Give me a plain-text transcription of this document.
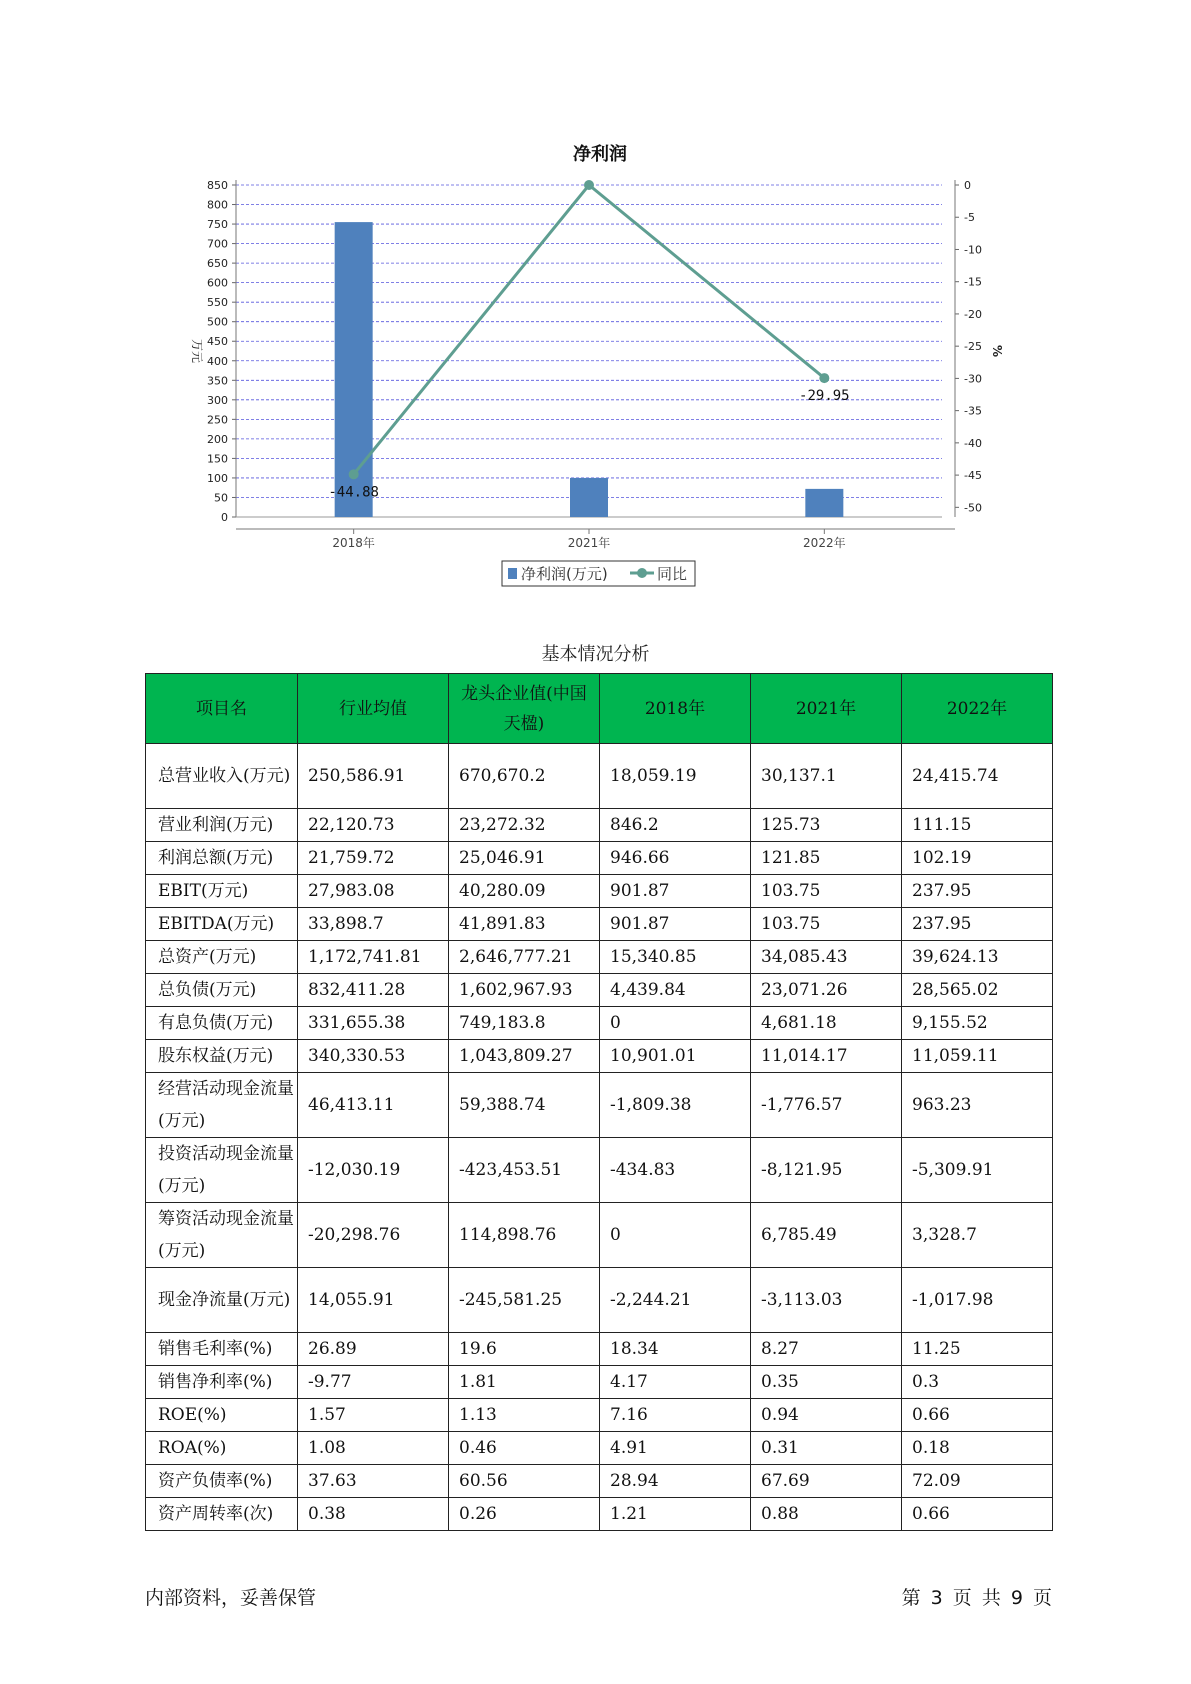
净利润
0
50
100
150
200
250
300
350
400
450
500
550
600
650
700
750
800
850	0
-5
-10
-15
-20
-25
-30
-35
-40
-45
-50
万元	%
2018年	2021年	2022年
-44.88
-29.95
净利润(万元)	同比
基本情况分析
项目名	行业均值	龙头企业值(中国天楹)	2018年	2021年	2022年
总营业收入(万元)	250,586.91	670,670.2	18,059.19	30,137.1	24,415.74
营业利润(万元)	22,120.73	23,272.32	846.2	125.73	111.15
利润总额(万元)	21,759.72	25,046.91	946.66	121.85	102.19
EBIT(万元)	27,983.08	40,280.09	901.87	103.75	237.95
EBITDA(万元)	33,898.7	41,891.83	901.87	103.75	237.95
总资产(万元)	1,172,741.81	2,646,777.21	15,340.85	34,085.43	39,624.13
总负债(万元)	832,411.28	1,602,967.93	4,439.84	23,071.26	28,565.02
有息负债(万元)	331,655.38	749,183.8	0	4,681.18	9,155.52
股东权益(万元)	340,330.53	1,043,809.27	10,901.01	11,014.17	11,059.11
经营活动现金流量(万元)	46,413.11	59,388.74	-1,809.38	-1,776.57	963.23
投资活动现金流量(万元)	-12,030.19	-423,453.51	-434.83	-8,121.95	-5,309.91
筹资活动现金流量(万元)	-20,298.76	114,898.76	0	6,785.49	3,328.7
现金净流量(万元)	14,055.91	-245,581.25	-2,244.21	-3,113.03	-1,017.98
销售毛利率(%)	26.89	19.6	18.34	8.27	11.25
销售净利率(%)	-9.77	1.81	4.17	0.35	0.3
ROE(%)	1.57	1.13	7.16	0.94	0.66
ROA(%)	1.08	0.46	4.91	0.31	0.18
资产负债率(%)	37.63	60.56	28.94	67.69	72.09
资产周转率(次)	0.38	0.26	1.21	0.88	0.66
内部资料，妥善保管	第 3 页 共 9 页
